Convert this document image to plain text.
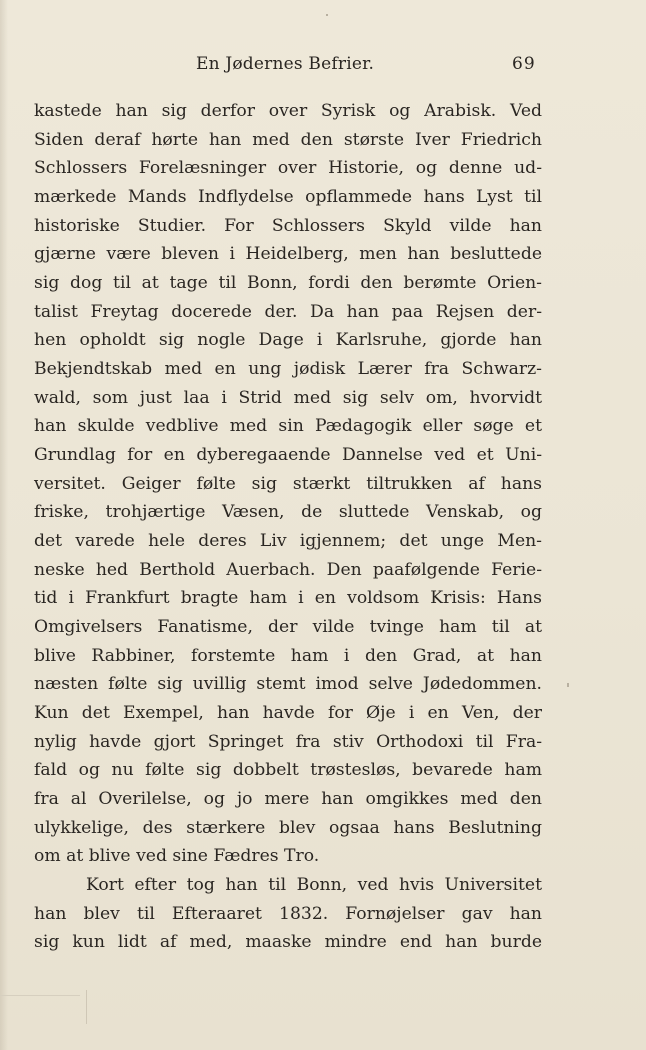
En Jødernes Befrier.	69
kastede han sig derfor over Syrisk og Arabisk. Ved
Siden deraf hørte han med den største Iver Friedrich
Schlossers Forelæsninger over Historie, og denne ud-
mærkede Mands Indflydelse opflammede hans Lyst til
historiske Studier. For Schlossers Skyld vilde han
gjærne være bleven i Heidelberg, men han besluttede
sig dog til at tage til Bonn, fordi den berømte Orien-
talist Freytag docerede der. Da han paa Rejsen der-
hen opholdt sig nogle Dage i Karlsruhe, gjorde han
Bekjendtskab med en ung jødisk Lærer fra Schwarz-
wald, som just laa i Strid med sig selv om, hvorvidt
han skulde vedblive med sin Pædagogik eller søge et
Grundlag for en dyberegaaende Dannelse ved et Uni-
versitet. Geiger følte sig stærkt tiltrukken af hans
friske, trohjærtige Væsen, de sluttede Venskab, og
det varede hele deres Liv igjennem; det unge Men-
neske hed Berthold Auerbach. Den paafølgende Ferie-
tid i Frankfurt bragte ham i en voldsom Krisis: Hans
Omgivelsers Fanatisme, der vilde tvinge ham til at
blive Rabbiner, forstemte ham i den Grad, at han
næsten følte sig uvillig stemt imod selve Jødedommen.
Kun det Exempel, han havde for Øje i en Ven, der
nylig havde gjort Springet fra stiv Orthodoxi til Fra-
fald og nu følte sig dobbelt trøstesløs, bevarede ham
fra al Overilelse, og jo mere han omgikkes med den
ulykkelige, des stærkere blev ogsaa hans Beslutning
om at blive ved sine Fædres Tro.
Kort efter tog han til Bonn, ved hvis Universitet
han blev til Efteraaret 1832. Fornøjelser gav han
sig kun lidt af med, maaske mindre end han burde
